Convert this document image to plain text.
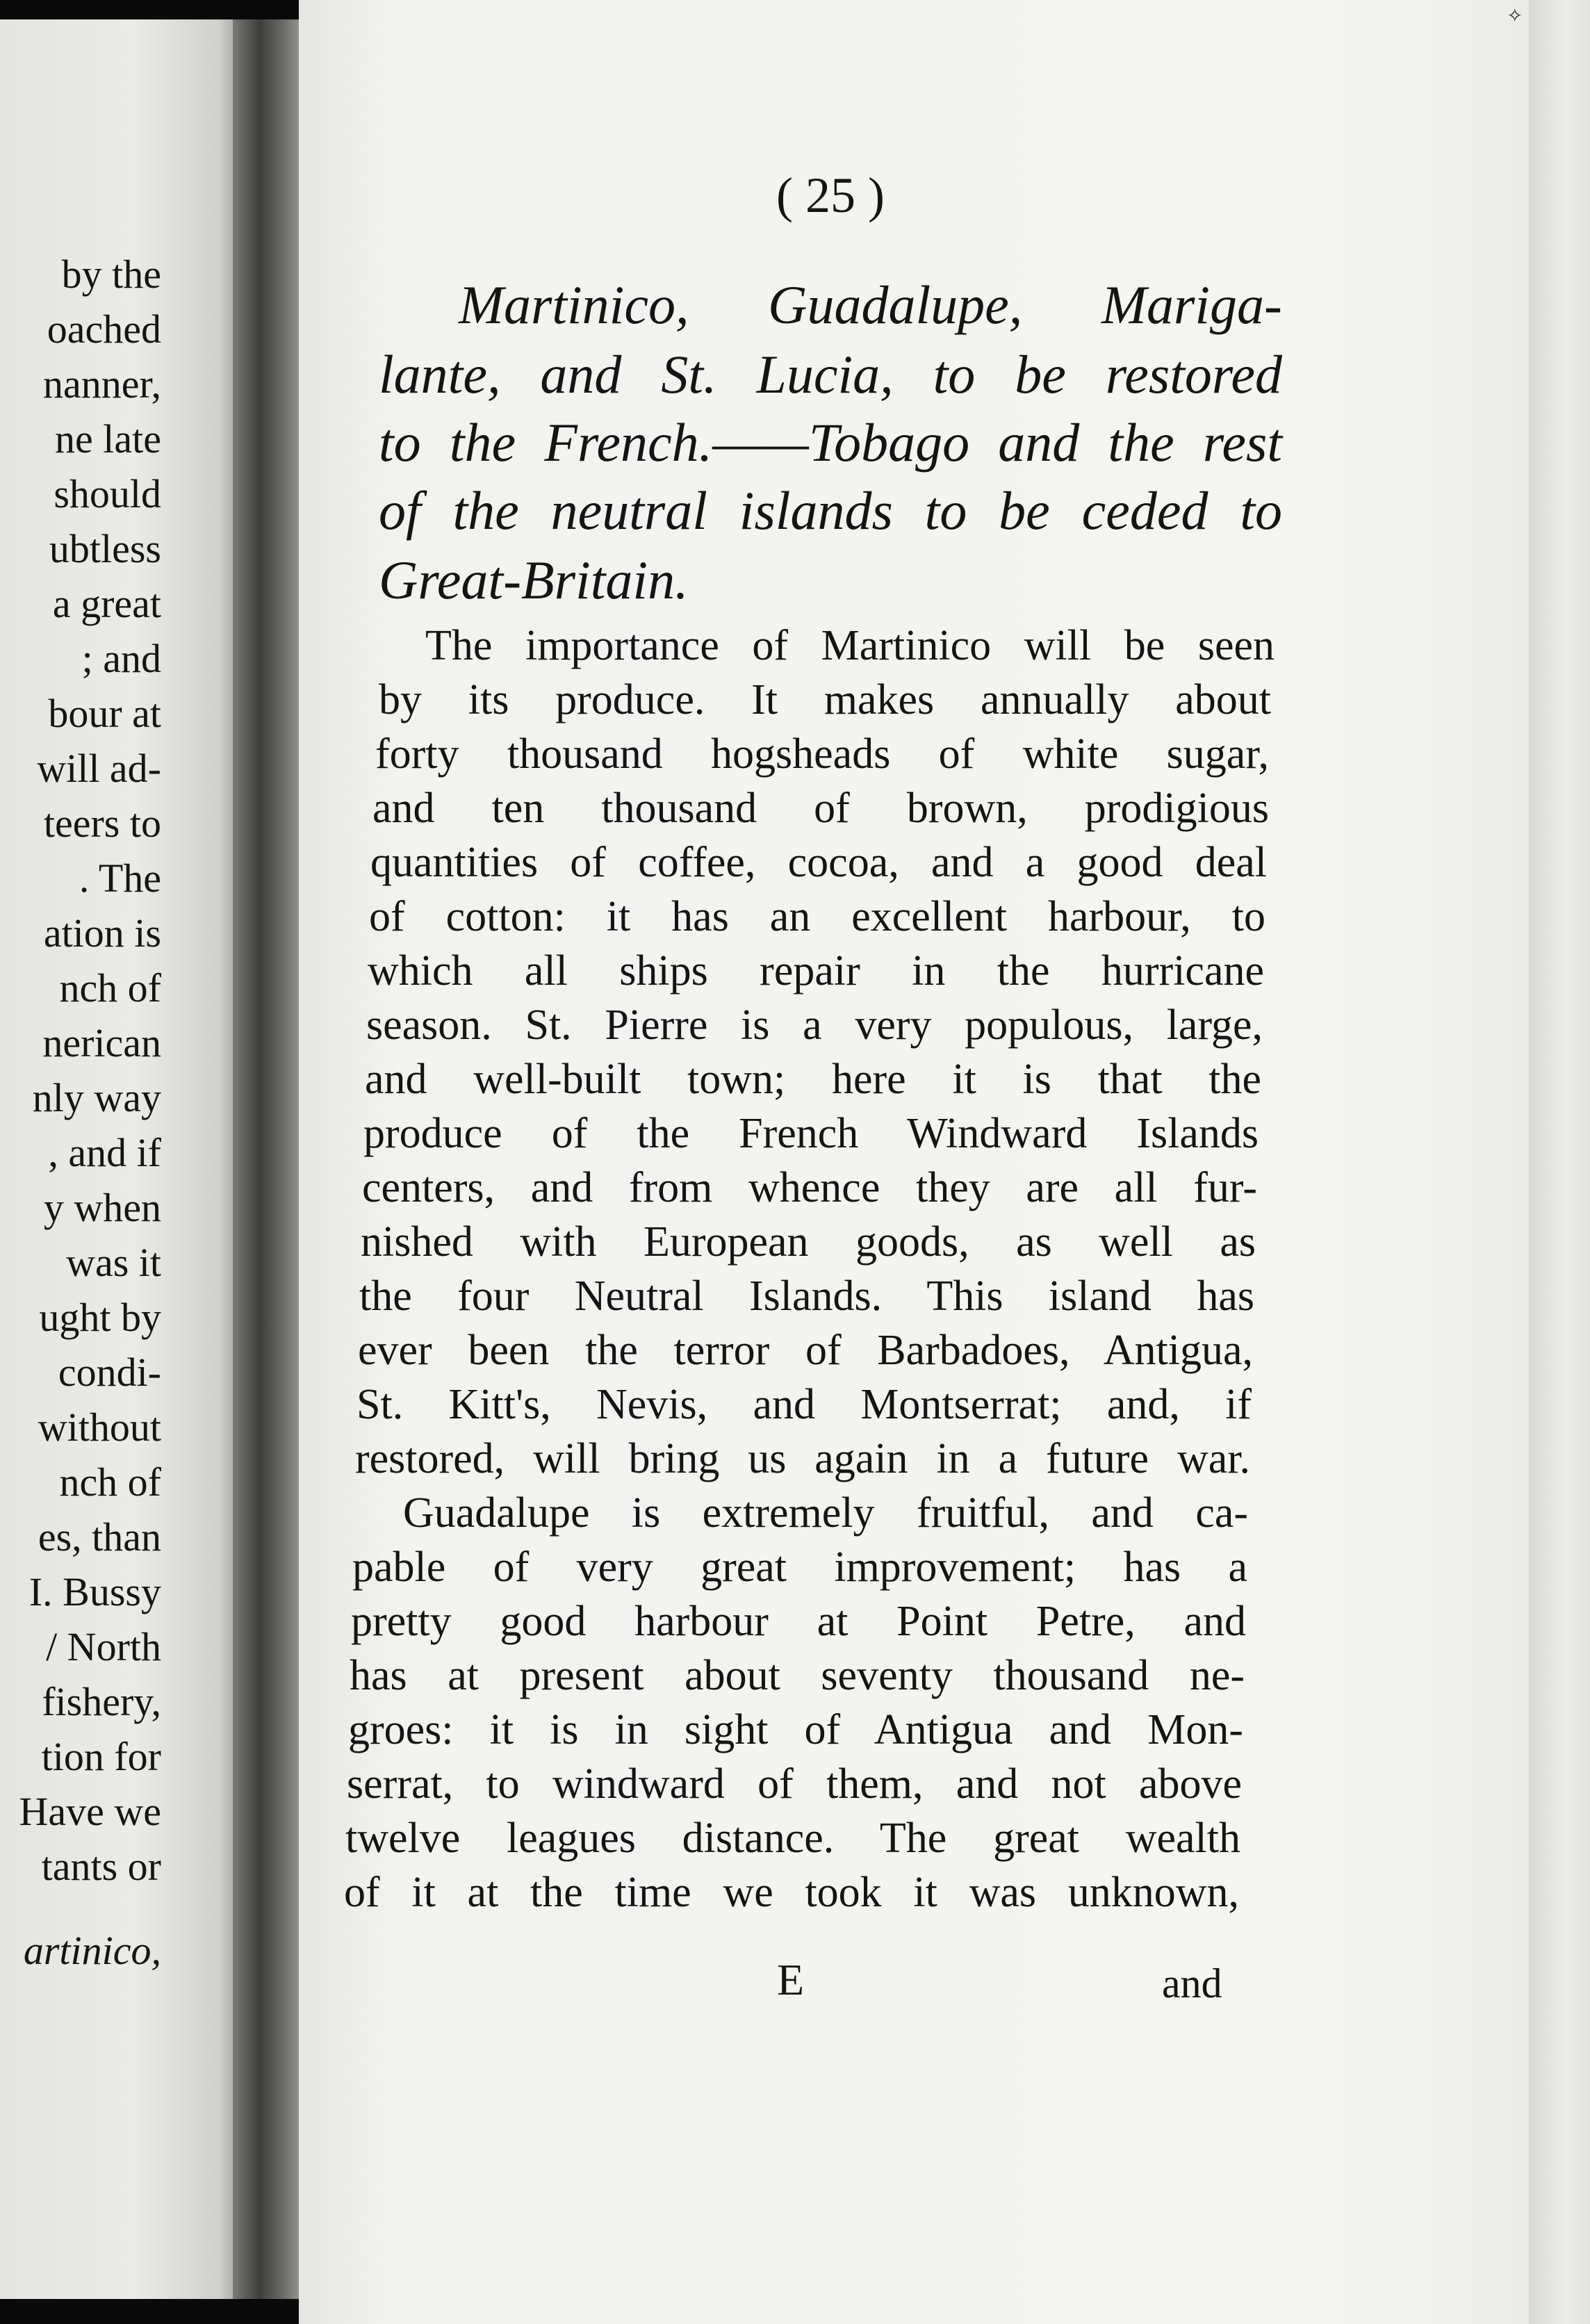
by the
oached
nanner,
ne late
should
ubtless
a great
; and
bour at
will ad-
teers to
. The
ation is
nch of
nerican
nly way
, and if
y when
was it
ught by
condi-
without
nch of
es, than
I. Bussy
/ North
fishery,
tion for
Have we
tants or
artinico,
✧
( 25 )
Martinico, Guadalupe, Mariga-
lante, and St. Lucia, to be restored
to the French.——Tobago and the rest
of the neutral islands to be ceded to
Great-Britain.
The importance of Martinico will be seen
by its produce. It makes annually about
forty thousand hogsheads of white sugar,
and ten thousand of brown, prodigious
quantities of coffee, cocoa, and a good deal
of cotton: it has an excellent harbour, to
which all ships repair in the hurricane
season. St. Pierre is a very populous, large,
and well-built town; here it is that the
produce of the French Windward Islands
centers, and from whence they are all fur-
nished with European goods, as well as
the four Neutral Islands. This island has
ever been the terror of Barbadoes, Antigua,
St. Kitt's, Nevis, and Montserrat; and, if
restored, will bring us again in a future war.
Guadalupe is extremely fruitful, and ca-
pable of very great improvement; has a
pretty good harbour at Point Petre, and
has at present about seventy thousand ne-
groes: it is in sight of Antigua and Mon-
serrat, to windward of them, and not above
twelve leagues distance. The great wealth
of it at the time we took it was unknown,
E	and
